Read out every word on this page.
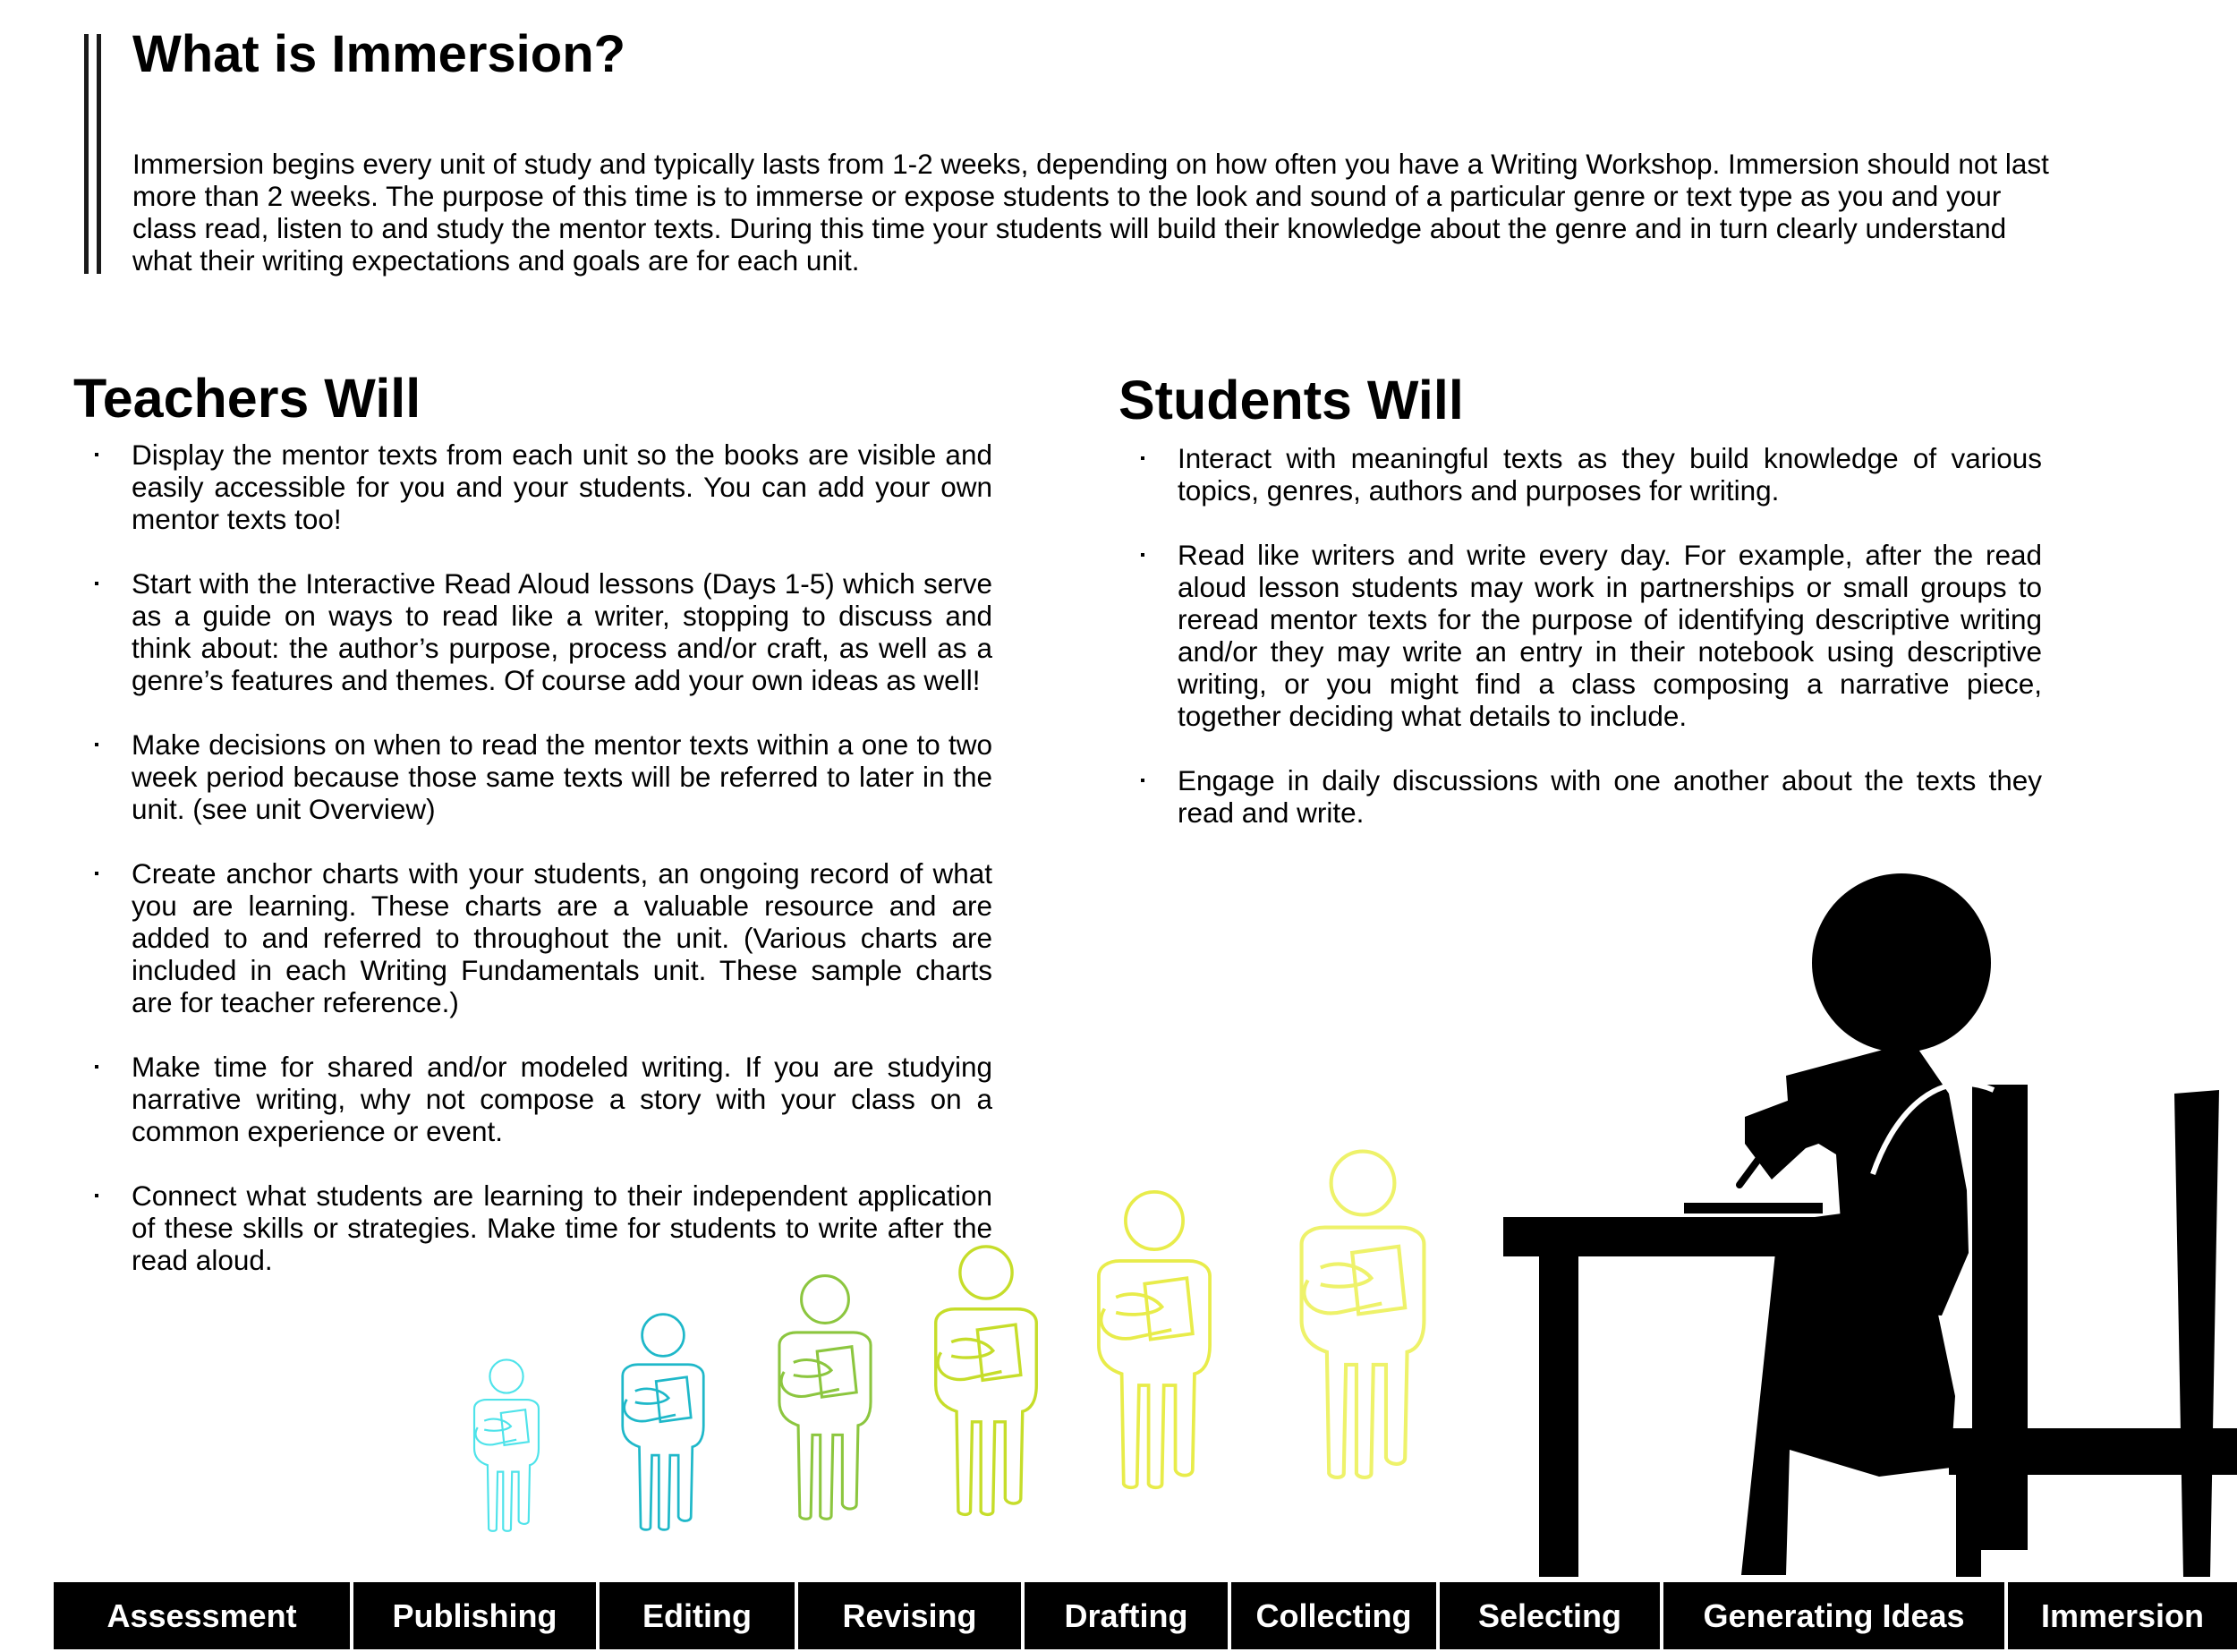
What is Immersion?

Immersion begins every unit of study and typically lasts from 1-2 weeks, depending on how often you have a Writing Workshop. Immersion should not last more than 2 weeks. The purpose of this time is to immerse or expose students to the look and sound of a particular genre or text type as you and your class read, listen to and study the mentor texts. During this time your students will build their knowledge about the genre and in turn clearly understand what their writing expectations and goals are for each unit.

Teachers Will
Display the mentor texts from each unit so the books are visible and easily accessible for you and your students. You can add your own mentor texts too!
Start with the Interactive Read Aloud lessons (Days 1-5) which serve as a guide on ways to read like a writer, stopping to discuss and think about: the author’s purpose, process and/or craft, as well as a genre’s features and themes. Of course add your own ideas as well!
Make decisions on when to read the mentor texts within a one to two week period because those same texts will be referred to later in the unit. (see unit Overview)
Create anchor charts with your students, an ongoing record of what you are learning. These charts are a valuable resource and are added to and referred to throughout the unit. (Various charts are included in each Writing Fundamentals unit. These sample charts are for teacher reference.)
Make time for shared and/or modeled writing. If you are studying narrative writing, why not compose a story with your class on a common experience or event.
Connect what students are learning to their independent application of these skills or strategies. Make time for students to write after the read aloud.
Students Will
Interact with meaningful texts as they build knowledge of various topics, genres, authors and purposes for writing.
Read like writers and write every day. For example, after the read aloud lesson students may work in partnerships or small groups to reread mentor texts for the purpose of identifying descriptive writing and/or they may write an entry in their notebook using descriptive writing, or you might find a class composing a narrative piece, together deciding what details to include.
Engage in daily discussions with one another about the texts they read and write.
Assessment	Publishing	Editing	Revising	Drafting	Collecting	Selecting	Generating Ideas	Immersion
